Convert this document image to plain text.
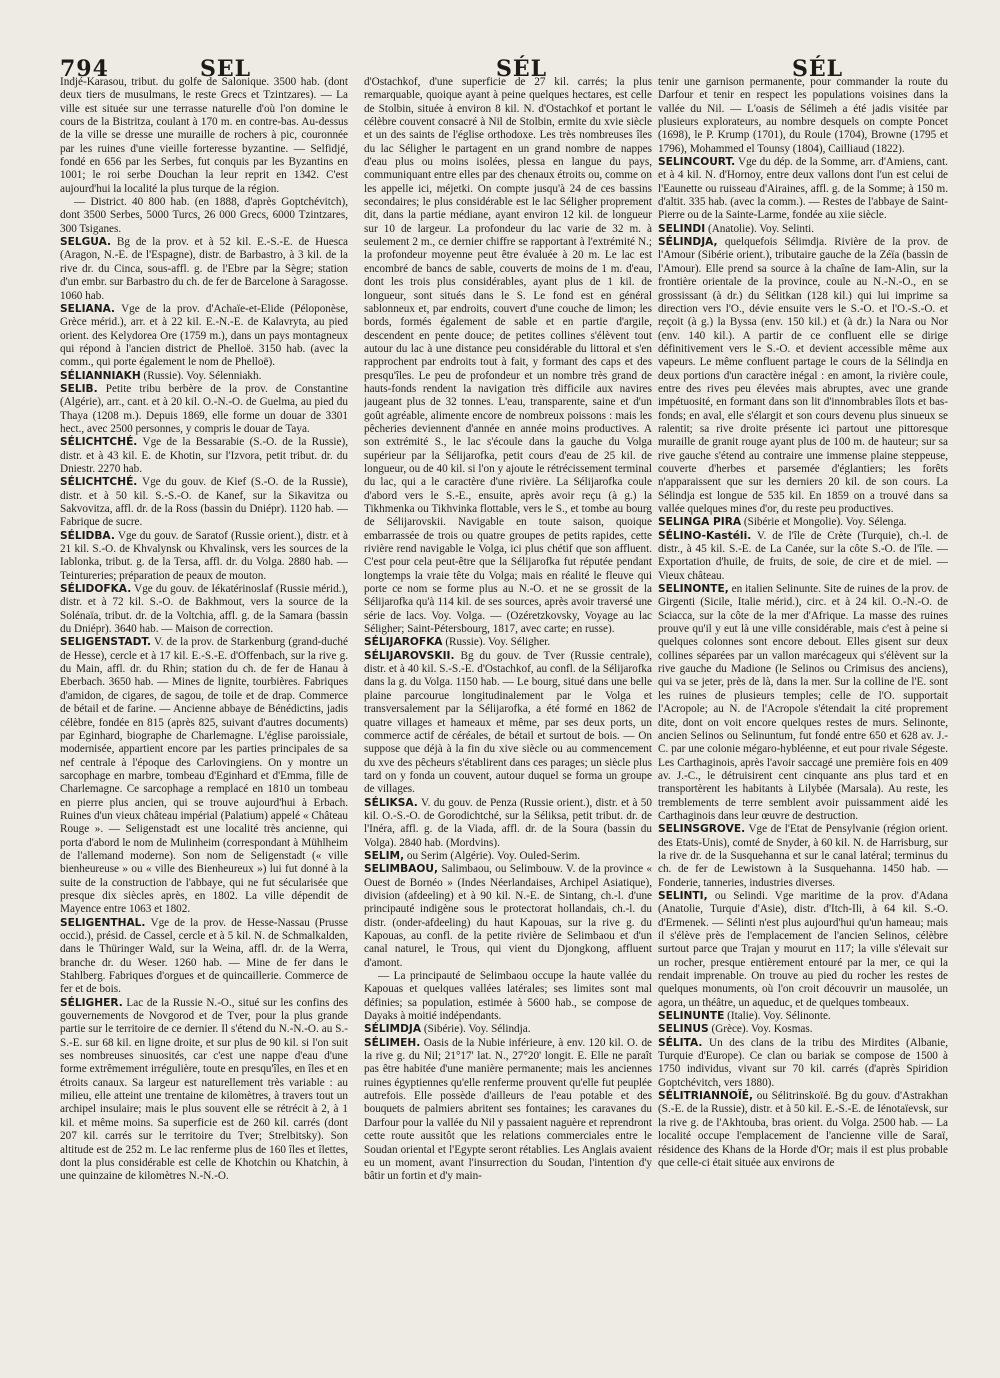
794	SEL	SÉL	SÉL

Indjé-Karasou, tribut. du golfe de Salonique. 3500 hab. (dont deux tiers de musulmans, le reste Grecs et Tzintzares). — La ville est située sur une terrasse naturelle d'où l'on domine le cours de la Bistritza, coulant à 170 m. en contre-bas. Au-dessus de la ville se dresse une muraille de rochers à pic, couronnée par les ruines d'une vieille forteresse byzantine. — Selfidjé, fondé en 656 par les Serbes, fut conquis par les Byzantins en 1001; le roi serbe Douchan la leur reprit en 1342. C'est aujourd'hui la localité la plus turque de la région.

— District. 40 800 hab. (en 1888, d'après Goptchévitch), dont 3500 Serbes, 5000 Turcs, 26 000 Grecs, 6000 Tzintzares, 300 Tsiganes.

SELGUA. Bg de la prov. et à 52 kil. E.-S.-E. de Huesca (Aragon, N.-E. de l'Espagne), distr. de Barbastro, à 3 kil. de la rive dr. du Cinca, sous-affl. g. de l'Ebre par la Sègre; station d'un embr. sur Barbastro du ch. de fer de Barcelone à Saragosse. 1060 hab.

SELIANA. Vge de la prov. d'Achaïe-et-Elide (Péloponèse, Grèce mérid.), arr. et à 22 kil. E.-N.-E. de Kalavryta, au pied orient. des Kelydorea Ore (1759 m.), dans un pays montagneux qui répond à l'ancien district de Phelloë. 3150 hab. (avec la comm., qui porte également le nom de Phelloë).

SÉLIANNIAKH (Russie). Voy. Sélenniakh.

SELIB. Petite tribu berbère de la prov. de Constantine (Algérie), arr., cant. et à 20 kil. O.-N.-O. de Guelma, au pied du Thaya (1208 m.). Depuis 1869, elle forme un douar de 3301 hect., avec 2500 personnes, y compris le douar de Taya.

SÉLICHTCHÉ. Vge de la Bessarabie (S.-O. de la Russie), distr. et à 43 kil. E. de Khotin, sur l'Izvora, petit tribut. dr. du Dniestr. 2270 hab.

SÉLICHTCHÉ. Vge du gouv. de Kief (S.-O. de la Russie), distr. et à 50 kil. S.-S.-O. de Kanef, sur la Sikavitza ou Sakvovitza, affl. dr. de la Ross (bassin du Dniépr). 1120 hab. — Fabrique de sucre.

SÉLIDBA. Vge du gouv. de Saratof (Russie orient.), distr. et à 21 kil. S.-O. de Khvalynsk ou Khvalinsk, vers les sources de la Iablonka, tribut. g. de la Tersa, affl. dr. du Volga. 2880 hab. — Teintureries; préparation de peaux de mouton.

SÉLIDOFKA. Vge du gouv. de Iékatérinoslaf (Russie mérid.), distr. et à 72 kil. S.-O. de Bakhmout, vers la source de la Solénaïa, tribut. dr. de la Voltchia, affl. g. de la Samara (bassin du Dniépr). 3640 hab. — Maison de correction.

SELIGENSTADT. V. de la prov. de Starkenburg (grand-duché de Hesse), cercle et à 17 kil. E.-S.-E. d'Offenbach, sur la rive g. du Main, affl. dr. du Rhin; station du ch. de fer de Hanau à Eberbach. 3650 hab. — Mines de lignite, tourbières. Fabriques d'amidon, de cigares, de sagou, de toile et de drap. Commerce de bétail et de farine. — Ancienne abbaye de Bénédictins, jadis célèbre, fondée en 815 (après 825, suivant d'autres documents) par Eginhard, biographe de Charlemagne. L'église paroissiale, modernisée, appartient encore par les parties principales de sa nef centrale à l'époque des Carlovingiens. On y montre un sarcophage en marbre, tombeau d'Eginhard et d'Emma, fille de Charlemagne. Ce sarcophage a remplacé en 1810 un tombeau en pierre plus ancien, qui se trouve aujourd'hui à Erbach. Ruines d'un vieux château impérial (Palatium) appelé « Château Rouge ». — Seligenstadt est une localité très ancienne, qui porta d'abord le nom de Mulinheim (correspondant à Mühlheim de l'allemand moderne). Son nom de Seligenstadt (« ville bienheureuse » ou « ville des Bienheureux ») lui fut donné à la suite de la construction de l'abbaye, qui ne fut sécularisée que presque dix siècles après, en 1802. La ville dépendit de Mayence entre 1063 et 1802.

SELIGENTHAL. Vge de la prov. de Hesse-Nassau (Prusse occid.), présid. de Cassel, cercle et à 5 kil. N. de Schmalkalden, dans le Thüringer Wald, sur la Weina, affl. dr. de la Werra, branche dr. du Weser. 1260 hab. — Mine de fer dans le Stahlberg. Fabriques d'orgues et de quincaillerie. Commerce de fer et de bois.

SÉLIGHER. Lac de la Russie N.-O., situé sur les confins des gouvernements de Novgorod et de Tver, pour la plus grande partie sur le territoire de ce dernier. Il s'étend du N.-N.-O. au S.-S.-E. sur 68 kil. en ligne droite, et sur plus de 90 kil. si l'on suit ses nombreuses sinuosités, car c'est une nappe d'eau d'une forme extrêmement irrégulière, toute en presqu'îles, en îles et en étroits canaux. Sa largeur est naturellement très variable : au milieu, elle atteint une trentaine de kilomètres, à travers tout un archipel insulaire; mais le plus souvent elle se rétrécit à 2, à 1 kil. et même moins. Sa superficie est de 260 kil. carrés (dont 207 kil. carrés sur le territoire du Tver; Strelbitsky). Son altitude est de 252 m. Le lac renferme plus de 160 îles et îlettes, dont la plus considérable est celle de Khotchin ou Khatchin, à une quinzaine de kilomètres N.-N.-O.

d'Ostachkof, d'une superficie de 27 kil. carrés; la plus remarquable, quoique ayant à peine quelques hectares, est celle de Stolbin, située à environ 8 kil. N. d'Ostachkof et portant le célèbre couvent consacré à Nil de Stolbin, ermite du xvie siècle et un des saints de l'église orthodoxe. Les très nombreuses îles du lac Séligher le partagent en un grand nombre de nappes d'eau plus ou moins isolées, plessa en langue du pays, communiquant entre elles par des chenaux étroits ou, comme on les appelle ici, méjetki. On compte jusqu'à 24 de ces bassins secondaires; le plus considérable est le lac Séligher proprement dit, dans la partie médiane, ayant environ 12 kil. de longueur sur 10 de largeur. La profondeur du lac varie de 32 m. à seulement 2 m., ce dernier chiffre se rapportant à l'extrémité N.; la profondeur moyenne peut être évaluée à 20 m. Le lac est encombré de bancs de sable, couverts de moins de 1 m. d'eau, dont les trois plus considérables, ayant plus de 1 kil. de longueur, sont situés dans le S. Le fond est en général sablonneux et, par endroits, couvert d'une couche de limon; les bords, formés également de sable et en partie d'argile, descendent en pente douce; de petites collines s'élèvent tout autour du lac à une distance peu considérable du littoral et s'en rapprochent par endroits tout à fait, y formant des caps et des presqu'îles. Le peu de profondeur et un nombre très grand de hauts-fonds rendent la navigation très difficile aux navires jaugeant plus de 32 tonnes. L'eau, transparente, saine et d'un goût agréable, alimente encore de nombreux poissons : mais les pêcheries deviennent d'année en année moins productives. A son extrémité S., le lac s'écoule dans la gauche du Volga supérieur par la Sélijarofka, petit cours d'eau de 25 kil. de longueur, ou de 40 kil. si l'on y ajoute le rétrécissement terminal du lac, qui a le caractère d'une rivière. La Sélijarofka coule d'abord vers le S.-E., ensuite, après avoir reçu (à g.) la Tikhmenka ou Tikhvinka flottable, vers le S., et tombe au bourg de Sélijarovskii. Navigable en toute saison, quoique embarrassée de trois ou quatre groupes de petits rapides, cette rivière rend navigable le Volga, ici plus chétif que son affluent. C'est pour cela peut-être que la Sélijarofka fut réputée pendant longtemps la vraie tête du Volga; mais en réalité le fleuve qui porte ce nom se forme plus au N.-O. et ne se grossit de la Sélijarofka qu'à 114 kil. de ses sources, après avoir traversé une série de lacs. Voy. Volga. — (Ozéretzkovsky, Voyage au lac Séligher; Saint-Pétersbourg, 1817, avec carte; en russe).

SÉLIJAROFKA (Russie). Voy. Séligher.

SÉLIJAROVSKII. Bg du gouv. de Tver (Russie centrale), distr. et à 40 kil. S.-S.-E. d'Ostachkof, au confl. de la Sélijarofka dans la g. du Volga. 1150 hab. — Le bourg, situé dans une belle plaine parcourue longitudinalement par le Volga et transversalement par la Sélijarofka, a été formé en 1862 de quatre villages et hameaux et même, par ses deux ports, un commerce actif de céréales, de bétail et surtout de bois. — On suppose que déjà à la fin du xive siècle ou au commencement du xve des pêcheurs s'établirent dans ces parages; un siècle plus tard on y fonda un couvent, autour duquel se forma un groupe de villages.

SÉLIKSA. V. du gouv. de Penza (Russie orient.), distr. et à 50 kil. O.-S.-O. de Gorodichtché, sur la Séliksa, petit tribut. dr. de l'Inéra, affl. g. de la Viada, affl. dr. de la Soura (bassin du Volga). 2840 hab. (Mordvins).

SELIM, ou Serim (Algérie). Voy. Ouled-Serim.

SELIMBAOU, Salimbaou, ou Selimbouw. V. de la province « Ouest de Bornéo » (Indes Néerlandaises, Archipel Asiatique), division (afdeeling) et à 90 kil. N.-E. de Sintang, ch.-l. d'une principauté indigène sous le protectorat hollandais, ch.-l. du distr. (onder-afdeeling) du haut Kapouas, sur la rive g. du Kapouas, au confl. de la petite rivière de Selimbaou et d'un canal naturel, le Trous, qui vient du Djongkong, affluent d'amont.

— La principauté de Selimbaou occupe la haute vallée du Kapouas et quelques vallées latérales; ses limites sont mal définies; sa population, estimée à 5600 hab., se compose de Dayaks à moitié indépendants.

SÉLIMDJA (Sibérie). Voy. Sélindja.

SÉLIMEH. Oasis de la Nubie inférieure, à env. 120 kil. O. de la rive g. du Nil; 21°17' lat. N., 27°20' longit. E. Elle ne paraît pas être habitée d'une manière permanente; mais les anciennes ruines égyptiennes qu'elle renferme prouvent qu'elle fut peuplée autrefois. Elle possède d'ailleurs de l'eau potable et des bouquets de palmiers abritent ses fontaines; les caravanes du Darfour pour la vallée du Nil y passaient naguère et reprendront cette route aussitôt que les relations commerciales entre le Soudan oriental et l'Egypte seront rétablies. Les Anglais avaient eu un moment, avant l'insurrection du Soudan, l'intention d'y bâtir un fortin et d'y main-

tenir une garnison permanente, pour commander la route du Darfour et tenir en respect les populations voisines dans la vallée du Nil. — L'oasis de Sélimeh a été jadis visitée par plusieurs explorateurs, au nombre desquels on compte Poncet (1698), le P. Krump (1701), du Roule (1704), Browne (1795 et 1796), Mohammed el Tounsy (1804), Cailliaud (1822).

SELINCOURT. Vge du dép. de la Somme, arr. d'Amiens, cant. et à 4 kil. N. d'Hornoy, entre deux vallons dont l'un est celui de l'Eaunette ou ruisseau d'Airaines, affl. g. de la Somme; à 150 m. d'altit. 335 hab. (avec la comm.). — Restes de l'abbaye de Saint-Pierre ou de la Sainte-Larme, fondée au xiie siècle.

SELINDI (Anatolie). Voy. Selinti.

SÉLINDJA, quelquefois Sélimdja. Rivière de la prov. de l'Amour (Sibérie orient.), tributaire gauche de la Zéïa (bassin de l'Amour). Elle prend sa source à la chaîne de Iam-Alin, sur la frontière orientale de la province, coule au N.-N.-O., en se grossissant (à dr.) du Sélitkan (128 kil.) qui lui imprime sa direction vers l'O., dévie ensuite vers le S.-O. et l'O.-S.-O. et reçoit (à g.) la Byssa (env. 150 kil.) et (à dr.) la Nara ou Nor (env. 140 kil.). A partir de ce confluent elle se dirige définitivement vers le S.-O. et devient accessible même aux vapeurs. Le même confluent partage le cours de la Sélindja en deux portions d'un caractère inégal : en amont, la rivière coule, entre des rives peu élevées mais abruptes, avec une grande impétuosité, en formant dans son lit d'innombrables îlots et bas-fonds; en aval, elle s'élargit et son cours devenu plus sinueux se ralentit; sa rive droite présente ici partout une pittoresque muraille de granit rouge ayant plus de 100 m. de hauteur; sur sa rive gauche s'étend au contraire une immense plaine steppeuse, couverte d'herbes et parsemée d'églantiers; les forêts n'apparaissent que sur les derniers 20 kil. de son cours. La Sélindja est longue de 535 kil. En 1859 on a trouvé dans sa vallée quelques mines d'or, du reste peu productives.

SELINGA PIRA (Sibérie et Mongolie). Voy. Sélenga.

SÉLINO-Kastéli. V. de l'île de Crète (Turquie), ch.-l. de distr., à 45 kil. S.-E. de La Canée, sur la côte S.-O. de l'île. — Exportation d'huile, de fruits, de soie, de cire et de miel. — Vieux château.

SELINONTE, en italien Selinunte. Site de ruines de la prov. de Girgenti (Sicile, Italie mérid.), circ. et à 24 kil. O.-N.-O. de Sciacca, sur la côte de la mer d'Afrique. La masse des ruines prouve qu'il y eut là une ville considérable, mais c'est à peine si quelques colonnes sont encore debout. Elles gisent sur deux collines séparées par un vallon marécageux qui s'élèvent sur la rive gauche du Madione (le Selinos ou Crimisus des anciens), qui va se jeter, près de là, dans la mer. Sur la colline de l'E. sont les ruines de plusieurs temples; celle de l'O. supportait l'Acropole; au N. de l'Acropole s'étendait la cité proprement dite, dont on voit encore quelques restes de murs. Selinonte, ancien Selinos ou Selinuntum, fut fondé entre 650 et 628 av. J.-C. par une colonie mégaro-hybléenne, et eut pour rivale Ségeste. Les Carthaginois, après l'avoir saccagé une première fois en 409 av. J.-C., le détruisirent cent cinquante ans plus tard et en transportèrent les habitants à Lilybée (Marsala). Au reste, les tremblements de terre semblent avoir puissamment aidé les Carthaginois dans leur œuvre de destruction.

SELINSGROVE. Vge de l'Etat de Pensylvanie (région orient. des Etats-Unis), comté de Snyder, à 60 kil. N. de Harrisburg, sur la rive dr. de la Susquehanna et sur le canal latéral; terminus du ch. de fer de Lewistown à la Susquehanna. 1450 hab. — Fonderie, tanneries, industries diverses.

SELINTI, ou Selindi. Vge maritime de la prov. d'Adana (Anatolie, Turquie d'Asie), distr. d'Itch-Ili, à 64 kil. S.-O. d'Ermenek. — Sélinti n'est plus aujourd'hui qu'un hameau; mais il s'élève près de l'emplacement de l'ancien Selinos, célèbre surtout parce que Trajan y mourut en 117; la ville s'élevait sur un rocher, presque entièrement entouré par la mer, ce qui la rendait imprenable. On trouve au pied du rocher les restes de quelques monuments, où l'on croit découvrir un mausolée, un agora, un théâtre, un aqueduc, et de quelques tombeaux.

SELINUNTE (Italie). Voy. Sélinonte.

SELINUS (Grèce). Voy. Kosmas.

SÉLITA. Un des clans de la tribu des Mirdites (Albanie, Turquie d'Europe). Ce clan ou bariak se compose de 1500 à 1750 individus, vivant sur 70 kil. carrés (d'après Spiridion Goptchévitch, vers 1880).

SÉLITRIANNOÏÉ, ou Sélitrinskoïé. Bg du gouv. d'Astrakhan (S.-E. de la Russie), distr. et à 50 kil. E.-S.-E. de Iénotaïevsk, sur la rive g. de l'Akhtouba, bras orient. du Volga. 2500 hab. — La localité occupe l'emplacement de l'ancienne ville de Saraï, résidence des Khans de la Horde d'Or; mais il est plus probable que celle-ci était située aux environs de
